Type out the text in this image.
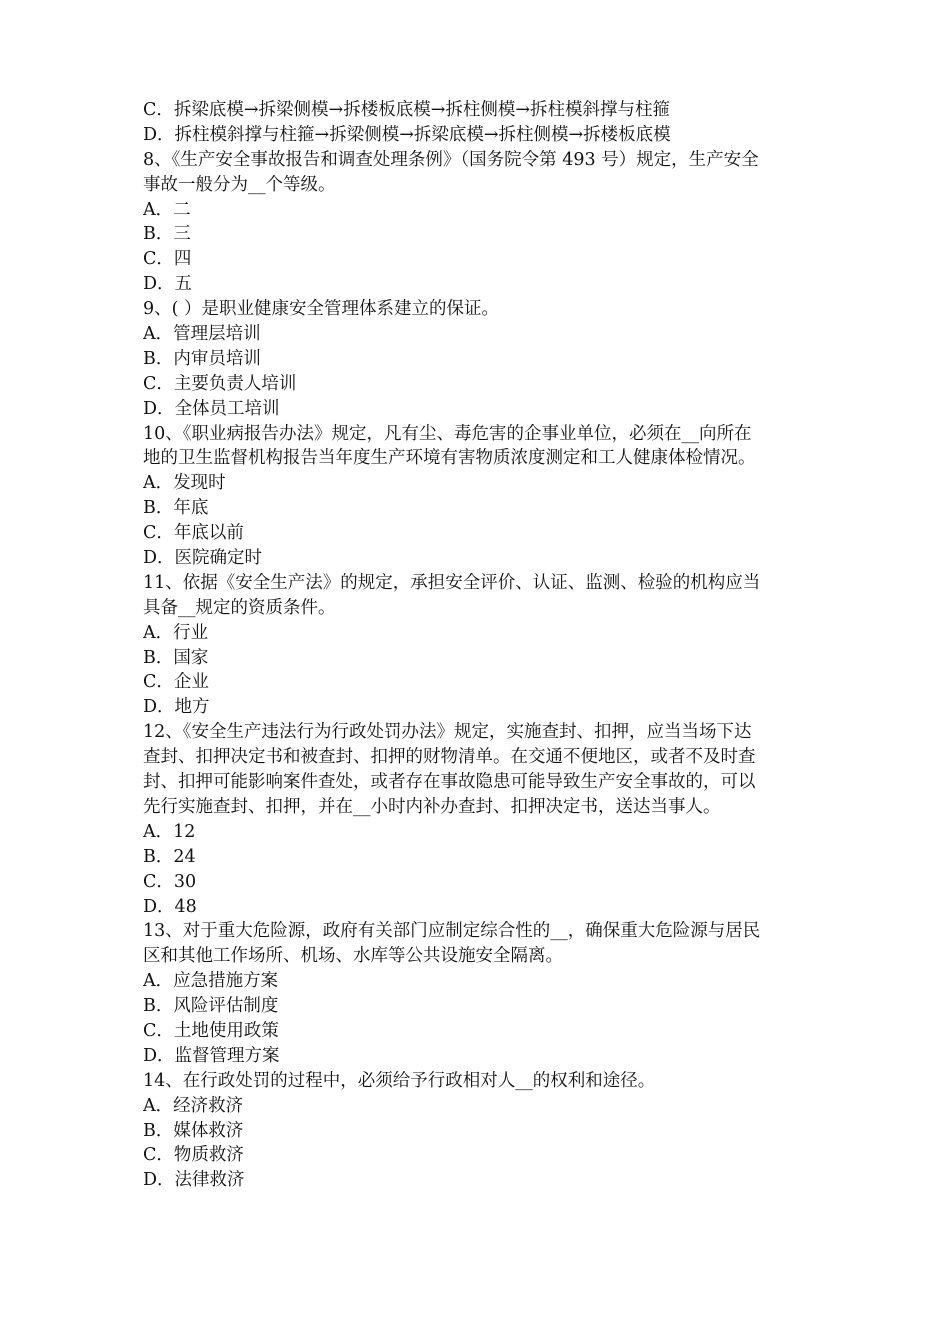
C．拆梁底模→拆梁侧模→拆楼板底模→拆柱侧模→拆柱模斜撑与柱箍
D．拆柱模斜撑与柱箍→拆梁侧模→拆梁底模→拆柱侧模→拆楼板底模
8、《生产安全事故报告和调查处理条例》（国务院令第 493 号）规定，生产安全
事故一般分为__个等级。
A．二
B．三
C．四
D．五
9、( ）是职业健康安全管理体系建立的保证。
A．管理层培训
B．内审员培训
C．主要负责人培训
D．全体员工培训
10、《职业病报告办法》规定，凡有尘、毒危害的企事业单位，必须在__向所在
地的卫生监督机构报告当年度生产环境有害物质浓度测定和工人健康体检情况。
A．发现时
B．年底
C．年底以前
D．医院确定时
11、依据《安全生产法》的规定，承担安全评价、认证、监测、检验的机构应当
具备__规定的资质条件。
A．行业
B．国家
C．企业
D．地方
12、《安全生产违法行为行政处罚办法》规定，实施查封、扣押，应当当场下达
查封、扣押决定书和被查封、扣押的财物清单。在交通不便地区，或者不及时查
封、扣押可能影响案件查处，或者存在事故隐患可能导致生产安全事故的，可以
先行实施查封、扣押，并在__小时内补办查封、扣押决定书，送达当事人。
A．12
B．24
C．30
D．48
13、对于重大危险源，政府有关部门应制定综合性的__，确保重大危险源与居民
区和其他工作场所、机场、水库等公共设施安全隔离。
A．应急措施方案
B．风险评估制度
C．土地使用政策
D．监督管理方案
14、在行政处罚的过程中，必须给予行政相对人__的权利和途径。
A．经济救济
B．媒体救济
C．物质救济
D．法律救济
